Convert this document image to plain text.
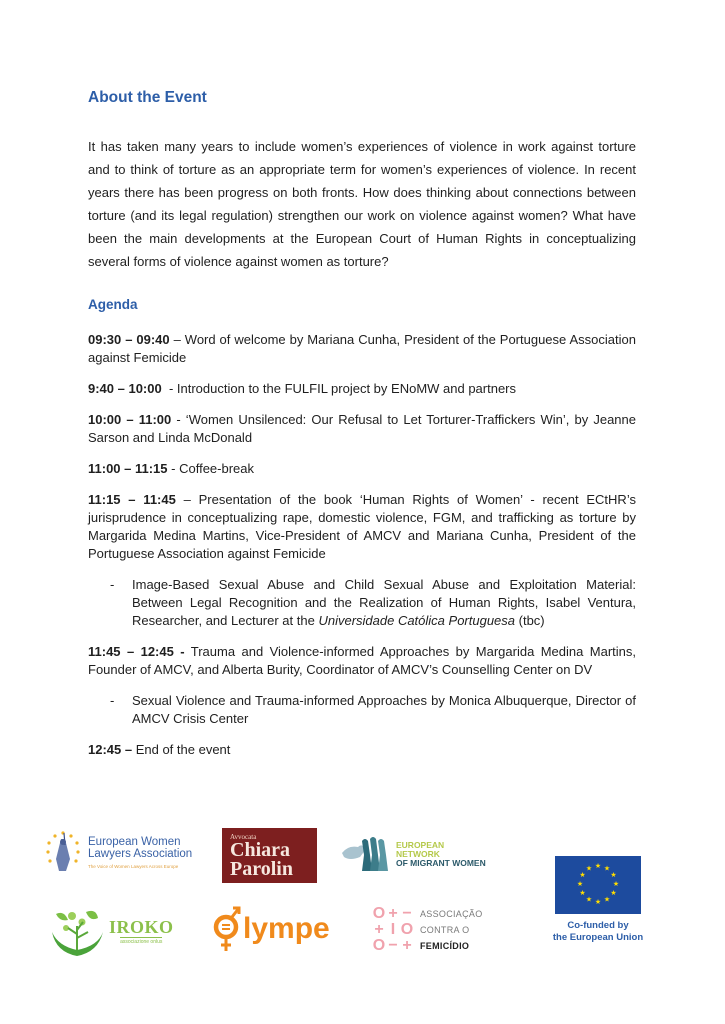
About the Event

It has taken many years to include women’s experiences of violence in work against torture and to think of torture as an appropriate term for women’s experiences of violence. In recent years there has been progress on both fronts. How does thinking about connections between torture (and its legal regulation) strengthen our work on violence against women? What have been the main developments at the European Court of Human Rights in conceptualizing several forms of violence against women as torture?

Agenda

09:30 – 09:40 – Word of welcome by Mariana Cunha, President of the Portuguese Association against Femicide

9:40 – 10:00  - Introduction to the FULFIL project by ENoMW and partners

10:00 – 11:00 - ‘Women Unsilenced: Our Refusal to Let Torturer-Traffickers Win’, by Jeanne Sarson and Linda McDonald

11:00 – 11:15 - Coffee-break

11:15 – 11:45 – Presentation of the book ‘Human Rights of Women’ - recent ECtHR’s jurisprudence in conceptualizing rape, domestic violence, FGM, and trafficking as torture by Margarida Medina Martins, Vice-President of AMCV and Mariana Cunha, President of the Portuguese Association against Femicide

-	Image-Based Sexual Abuse and Child Sexual Abuse and Exploitation Material: Between Legal Recognition and the Realization of Human Rights, Isabel Ventura, Researcher, and Lecturer at the Universidade Católica Portuguesa (tbc)

11:45 – 12:45 - Trauma and Violence-informed Approaches by Margarida Medina Martins, Founder of AMCV, and Alberta Burity, Coordinator of AMCV’s Counselling Center on DV

-	Sexual Violence and Trauma-informed Approaches by Monica Albuquerque, Director of AMCV Crisis Center

12:45 – End of the event

European Women
Lawyers Association
The Voice of Women Lawyers Across Europe
Avvocata
Chiara
Parolin
EUROPEAN NETWORK
OF MIGRANT WOMEN	★ ★
★
★
★
★
★
★
★
★
★
★
Co-funded by
the European Union
IROKO
associazione onlus	lympe	O + −
+ I O
O − +
ASSOCIAÇÃO
CONTRA O
FEMICÍDIO
